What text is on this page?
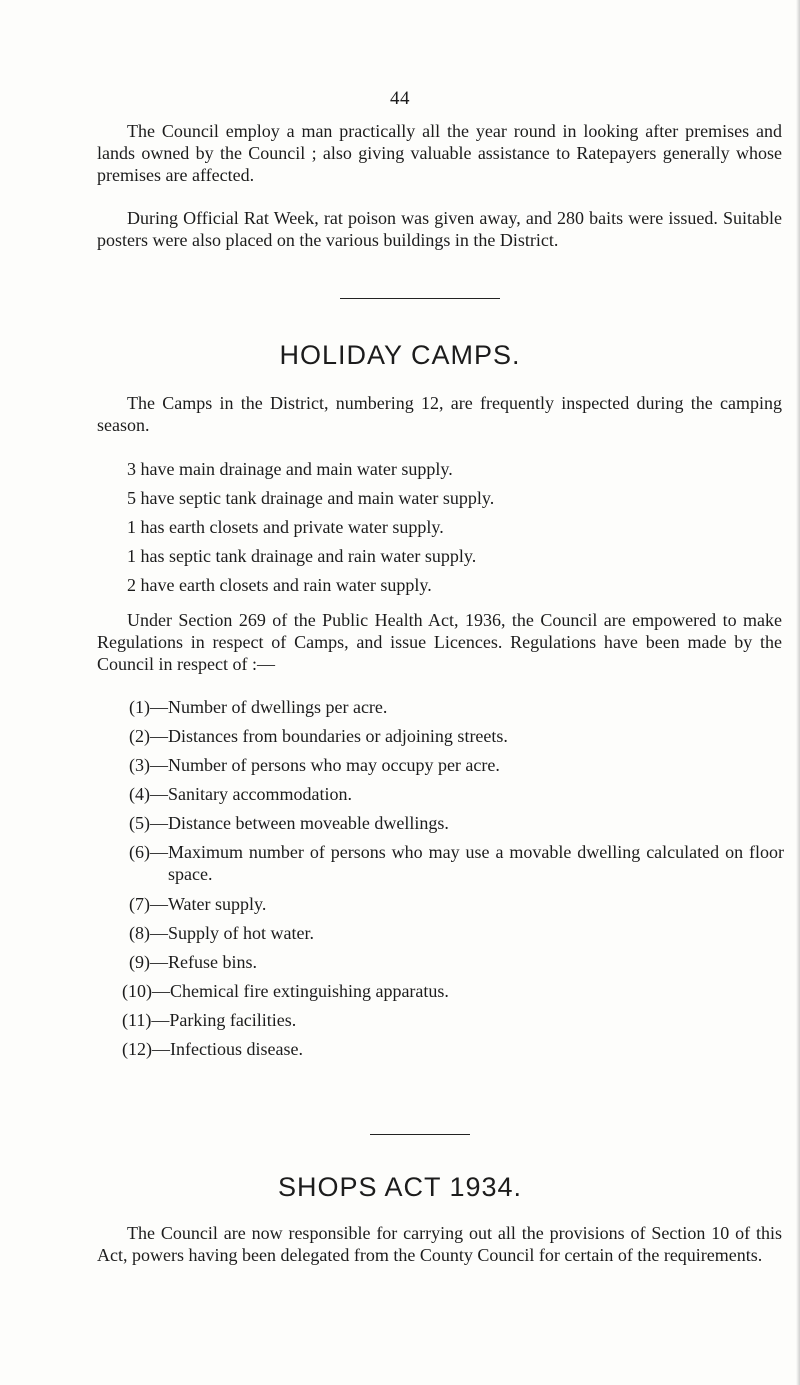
44

The Council employ a man practically all the year round in looking after premises and lands owned by the Council ; also giving valuable assistance to Ratepayers generally whose premises are affected.

During Official Rat Week, rat poison was given away, and 280 baits were issued. Suitable posters were also placed on the various buildings in the District.

HOLIDAY CAMPS.

The Camps in the District, numbering 12, are frequently inspected during the camping season.

3 have main drainage and main water supply.

5 have septic tank drainage and main water supply.

1 has earth closets and private water supply.

1 has septic tank drainage and rain water supply.

2 have earth closets and rain water supply.

Under Section 269 of the Public Health Act, 1936, the Council are empowered to make Regulations in respect of Camps, and issue Licences. Regulations have been made by the Council in respect of :—

(1)— Number of dwellings per acre.
(2)— Distances from boundaries or adjoining streets.
(3)— Number of persons who may occupy per acre.
(4)— Sanitary accommodation.
(5)— Distance between moveable dwellings.
(6)— Maximum number of persons who may use a movable dwelling calculated on floor space.
(7)— Water supply.
(8)— Supply of hot water.
(9)— Refuse bins.
(10)— Chemical fire extinguishing apparatus.
(11)— Parking facilities.
(12)— Infectious disease.
SHOPS ACT 1934.

The Council are now responsible for carrying out all the provisions of Section 10 of this Act, powers having been delegated from the County Council for certain of the requirements.
